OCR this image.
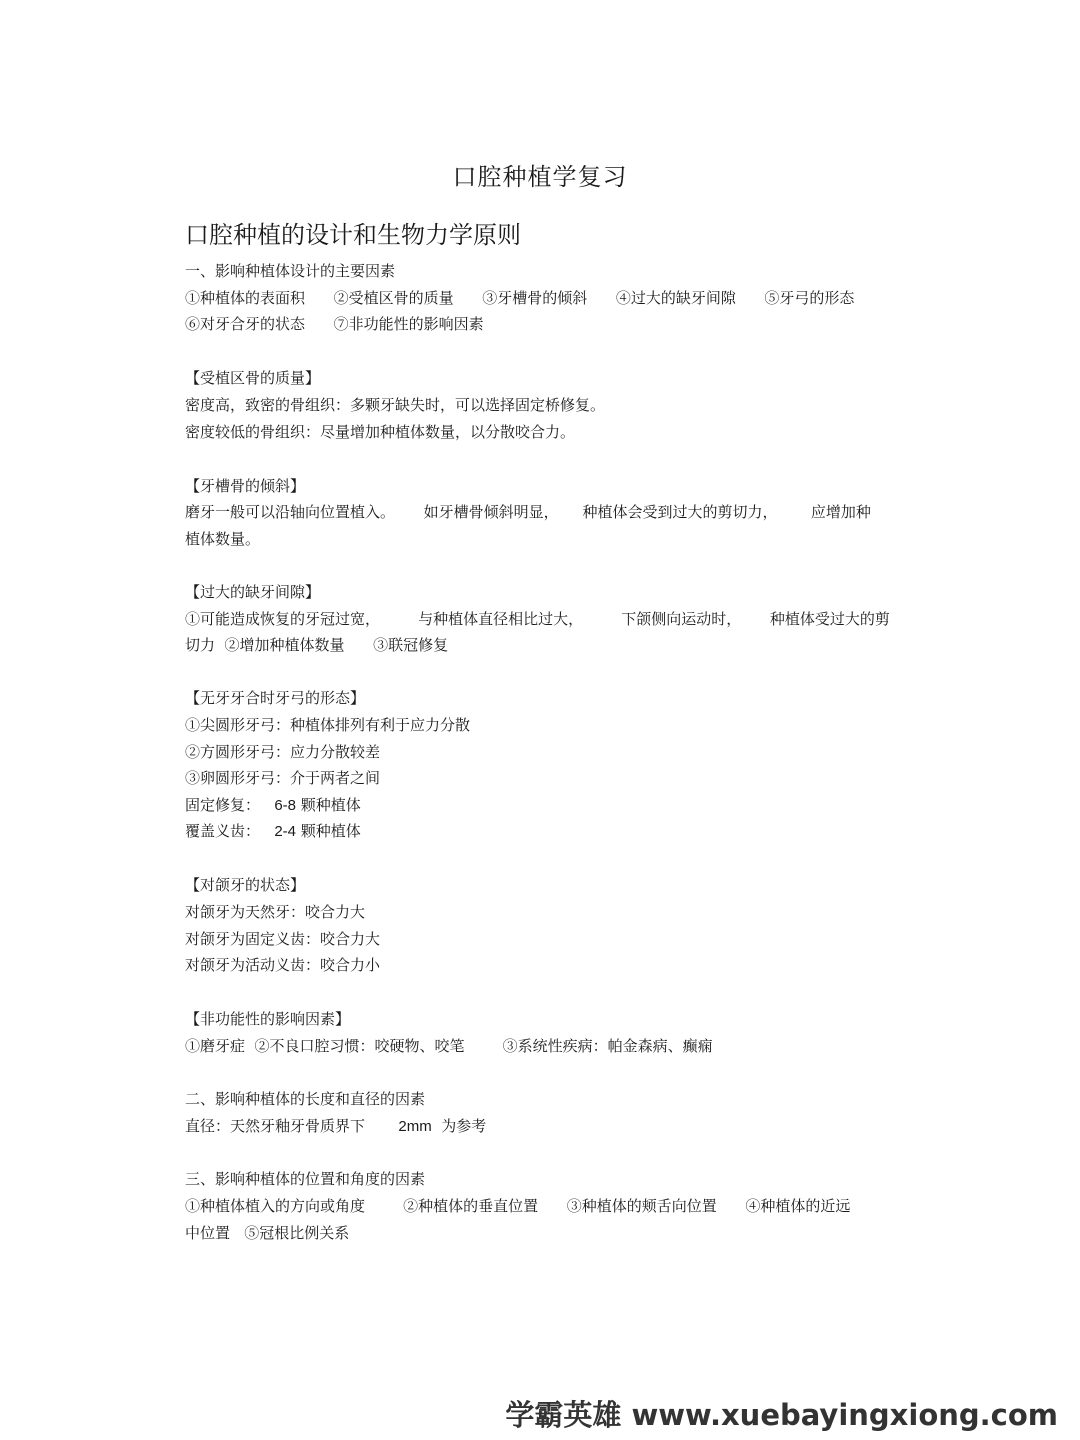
口腔种植学复习
口腔种植的设计和生物力学原则
一、影响种植体设计的主要因素
①种植体的表面积      ②受植区骨的质量      ③牙槽骨的倾斜      ④过大的缺牙间隙      ⑤牙弓的形态
⑥对牙合牙的状态      ⑦非功能性的影响因素
【受植区骨的质量】
密度高，致密的骨组织：多颗牙缺失时，可以选择固定桥修复。
密度较低的骨组织：尽量增加种植体数量，以分散咬合力。
【牙槽骨的倾斜】
磨牙一般可以沿轴向位置植入。      如牙槽骨倾斜明显，     种植体会受到过大的剪切力，       应增加种
植体数量。
【过大的缺牙间隙】
①可能造成恢复的牙冠过宽，        与种植体直径相比过大，        下颌侧向运动时，      种植体受过大的剪
切力  ②增加种植体数量      ③联冠修复
【无牙牙合时牙弓的形态】
①尖圆形牙弓：种植体排列有利于应力分散
②方圆形牙弓：应力分散较差
③卵圆形牙弓：介于两者之间
固定修复： 6-8 颗种植体
覆盖义齿： 2-4 颗种植体
【对颌牙的状态】
对颌牙为天然牙：咬合力大
对颌牙为固定义齿：咬合力大
对颌牙为活动义齿：咬合力小
【非功能性的影响因素】
①磨牙症  ②不良口腔习惯：咬硬物、咬笔        ③系统性疾病：帕金森病、癫痫
二、影响种植体的长度和直径的因素
直径：天然牙釉牙骨质界下 2mm 为参考
三、影响种植体的位置和角度的因素
①种植体植入的方向或角度        ②种植体的垂直位置      ③种植体的颊舌向位置      ④种植体的近远
中位置   ⑤冠根比例关系
学霸英雄 www.xuebayingxiong.com
